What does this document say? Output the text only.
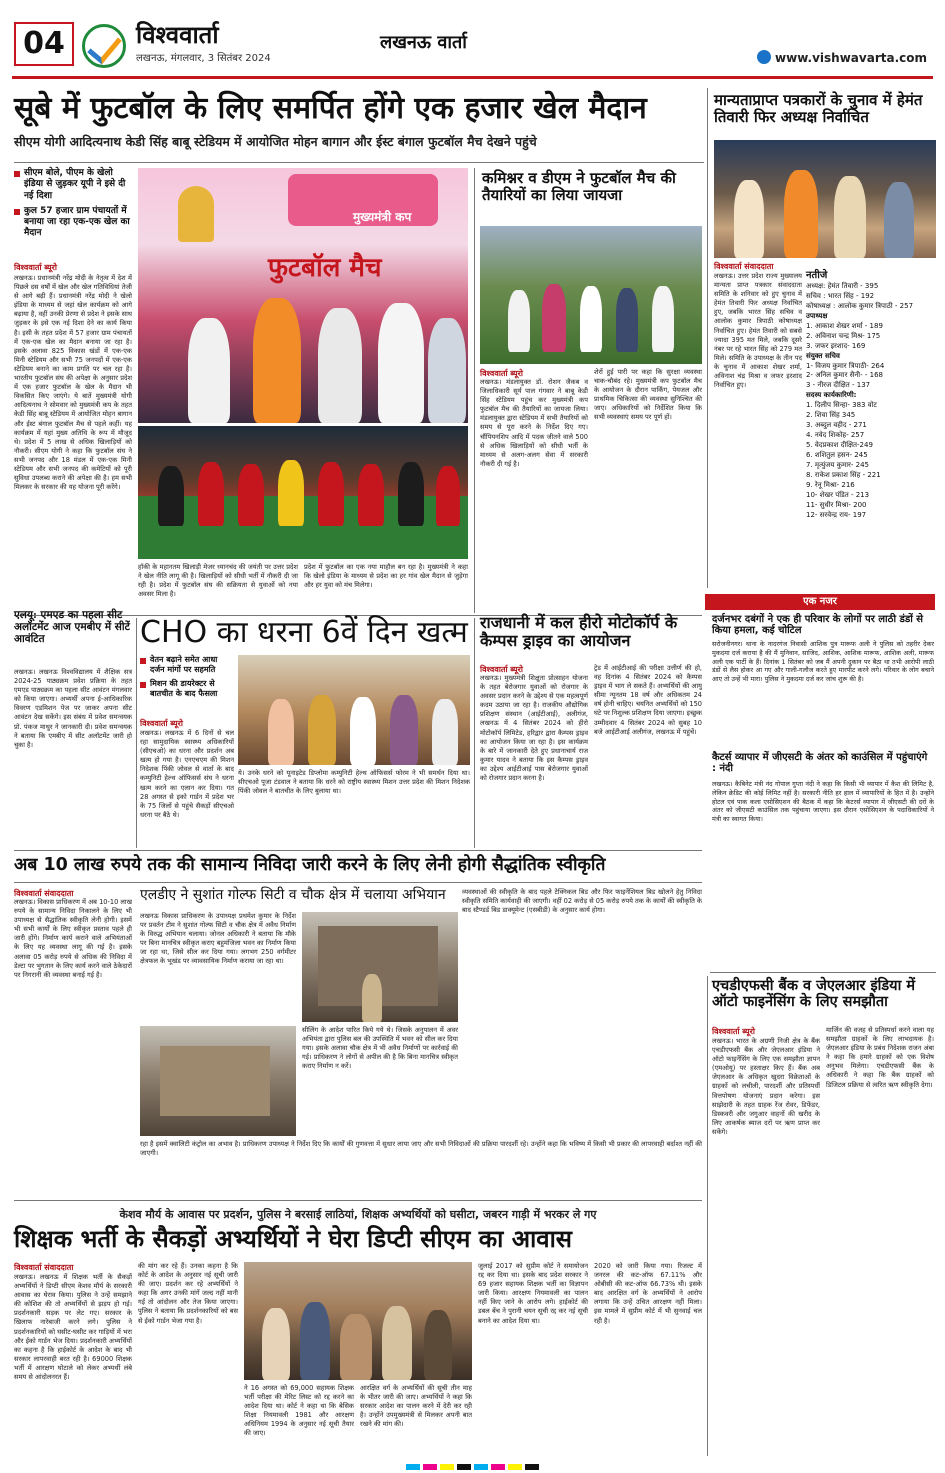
04	विश्ववार्ता
लखनऊ, मंगलवार, 3 सितंबर 2024
लखनऊ वार्ता
www.vishwavarta.com
सूबे में फुटबॉल के लिए समर्पित होंगे एक हजार खेल मैदान
सीएम योगी आदित्यनाथ केडी सिंह बाबू स्टेडियम में आयोजित मोहन बागान और ईस्ट बंगाल फुटबॉल मैच देखने पहुंचे
सीएम बोले, पीएम के खेलो इंडिया से जुड़कर यूपी ने इसे दी नई दिशा
कुल 57 हजार ग्राम पंचायतों में बनाया जा रहा एक-एक खेल का मैदान
विश्ववार्ता ब्यूरो
लखनऊ। प्रधानमंत्री नरेंद्र मोदी के नेतृत्व में देश में पिछले दस वर्षों में खेल और खेल गतिविधियां तेजी से आगे बढ़ी हैं। प्रधानमंत्री नरेंद्र मोदी ने खेलो इंडिया के माध्यम से जहां खेल कार्यक्रम को आगे बढ़ाया है, वहीं उनकी प्रेरणा से प्रदेश ने इसके साथ जुड़कर के इसे एक नई दिशा देने का कार्य किया है। इसी के तहत प्रदेश में 57 हजार ग्राम पंचायतों में एक-एक खेल का मैदान बनाया जा रहा है। इसके अलावा 825 विकास खंडों में एक-एक मिनी स्टेडियम और सभी 75 जनपदों में एक-एक स्टेडियम बनाने का काम प्रगति पर चल रहा है। भारतीय फुटबॉल संघ की अपेक्षा के अनुसार प्रदेश में एक हजार फुटबॉल के खेल के मैदान भी विकसित किए जाएंगे। ये बातें मुख्यमंत्री योगी आदित्यनाथ ने सोमवार को मुख्यमंत्री कप के तहत केडी सिंह बाबू स्टेडियम में आयोजित मोहन बागान और ईस्ट बंगाल फुटबॉल मैच से पहले कहीं। यह कार्यक्रम में यहां मुख्य अतिथि के रूप में मौजूद थे। प्रदेश में 5 लाख से अधिक खिलाड़ियों को नौकरी। सीएम योगी ने कहा कि फुटबॉल संघ ने सभी जनपद और 18 मंडल में एक-एक मिनी स्टेडियम और सभी जनपद की कमेटियों को पूरी सुविधा उपलब्ध कराने की अपेक्षा की है। हम सभी मिलकर के सरकार की यह योजना पूरी करेंगे।
मुख्यमंत्री कप
फुटबॉल मैच
हॉकी के महानतम खिलाड़ी मेजर ध्यानचंद की जयंती पर उत्तर प्रदेश ने खेल नीति लागू की है। खिलाड़ियों को सीधी भर्ती में नौकरी दी जा रही है। प्रदेश में फुटबॉल संघ की सक्रियता से युवाओं को नया अवसर मिला है।
प्रदेश में फुटबॉल का एक नया माहौल बन रहा है। मुख्यमंत्री ने कहा कि खेलो इंडिया के माध्यम से प्रदेश का हर गांव खेल मैदान से जुड़ेगा और हर युवा को मंच मिलेगा।
कमिश्नर व डीएम ने फुटबॉल मैच की तैयारियों का लिया जायजा
विश्ववार्ता ब्यूरो
लखनऊ। मंडलायुक्त डॉ. रोशन जैकब व जिलाधिकारी सूर्य पाल गंगवार ने बाबू केडी सिंह स्टेडियम पहुंच कर मुख्यमंत्री कप फुटबॉल मैच की तैयारियों का जायजा लिया। मंडलायुक्त द्वारा स्टेडियम में सभी तैयारियों को समय से पूरा करने के निर्देश दिए गए। चौंपियनशिप आदि में पदक जीतने वाले 500 से अधिक खिलाड़ियों को सीधी भर्ती के माध्यम से अलग-अलग सेवा में सरकारी नौकरी दी गई है।
शेरों हुई पारी पर कहा कि सुरक्षा व्यवस्था चाक-चौबंद रहे। मुख्यमंत्री कप फुटबॉल मैच के आयोजन के दौरान पार्किंग, पेयजल और प्राथमिक चिकित्सा की व्यवस्था सुनिश्चित की जाए। अधिकारियों को निर्देशित किया कि सभी व्यवस्थाएं समय पर पूर्ण हों।
मान्यताप्राप्त पत्रकारों के चुनाव में हेमंत तिवारी फिर अध्यक्ष निर्वाचित
विश्ववार्ता संवाददाता
लखनऊ। उत्तर प्रदेश राज्य मुख्यालय मान्यता प्राप्त पत्रकार संवाददाता समिति के शनिवार को हुए चुनाव में हेमंत तिवारी फिर अध्यक्ष निर्वाचित हुए, जबकि भारत सिंह सचिव व आलोक कुमार त्रिपाठी कोषाध्यक्ष निर्वाचित हुए। हेमंत तिवारी को सबसे ज्यादा 395 मत मिले, जबकि दूसरे नंबर पर रहे भारत सिंह को 279 मत मिले। समिति के उपाध्यक्ष के तीन पद के चुनाव में आकाश शेखर शर्मा, अविनाश चंद्र मिश्रा व जफर इरशाद निर्वाचित हुए।
नतीजे
अध्यक्ष: हेमंत तिवारी - 395
सचिव : भारत सिंह - 192
कोषाध्यक्ष : आलोक कुमार त्रिपाठी - 257
उपाध्यक्ष
1. आकाश शेखर शर्मा - 189
2. अविनाश चन्द्र मिश्र- 175
3. जफर इरशाद- 169
संयुक्त सचिव
1- विजय कुमार त्रिपाठी- 264
2- अनिल कुमार सैनी- - 168
3 - नीरज दीक्षित - 137
सदस्य कार्यकारिणी:
1. दिलीप सिन्हा- 383 वोट
2. शिवा सिंह 345
3. अब्दुल वहीद - 271
4. नवेद शिकोह- 257
5. वेदप्रकाश दीक्षित-249
6. शशितुल हसन- 245
7. मृत्युंजय कुमार- 245
8. राकेश प्रकाश सिंह - 221
9. रेनू मिश्रा- 216
10- शेखर पंडित - 213
11- सुधीर मिश्रा- 200
12- सरवेन्द्र राय- 197
एलयू: एमएड का पहला सीट अलॉटमेंट आज एमबीए में सीटें आवंटित
लखनऊ। लखनऊ विश्वविद्यालय में शैक्षिक सत्र 2024-25 पाठ्यक्रम प्रवेश प्रक्रिया के तहत एमएड पाठ्यक्रम का पहला सीट आवंटन मंगलवार को किया जाएगा। अभ्यर्थी अपना ई-आधिकारिक विवरण एडमिशन पेज पर जाकर अपना सीट आवंटन देख सकेंगे। इस संबंध में प्रवेश समन्वयक प्रो. पंकज माथुर ने जानकारी दी। प्रवेश समन्वयक ने बताया कि एमबीए में सीट अलॉटमेंट जारी हो चुका है।
CHO का धरना 6वें दिन खत्म
वेतन बढ़ाने समेत आधा दर्जन मांगों पर सहमति
मिशन की डायरेक्टर से बातचीत के बाद फैसला
विश्ववार्ता ब्यूरो
लखनऊ। लखनऊ में 6 दिनों से चल रहा सामुदायिक स्वास्थ्य अधिकारियों (सीएचओ) का धरना और प्रदर्शन अब खत्म हो गया है। एनएचएम की मिशन निदेशक पिंकी जोवल से वार्ता के बाद कम्युनिटी हेल्थ ऑफिसर्स संघ ने धरना खत्म करने का एलान कर दिया। गत 28 अगस्त से इको गार्डन में प्रदेश भर के 75 जिलों से पहुंचे सैकड़ों सीएचओ धरना पर बैठे थे।
ये। उनके धरने को यूनाइटेड डिप्लोमा कम्युनिटी हेल्थ ऑफिसर्स फोरम ने भी समर्थन दिया था। सीएचओ पूजा टंडवाल ने बताया कि धरने को राष्ट्रीय स्वास्थ्य मिशन उत्तर प्रदेश की मिशन निदेशक पिंकी जोवल ने बातचीत के लिए बुलाया था।
राजधानी में कल हीरो मोटोकॉर्प के कैम्पस ड्राइव का आयोजन
विश्ववार्ता ब्यूरो
लखनऊ। मुख्यमंत्री शिक्षुता प्रोत्साहन योजना के तहत बेरोजगार युवाओं को रोजगार के अवसर प्रदान करने के उद्देश्य से एक महत्वपूर्ण कदम उठाया जा रहा है। राजकीय औद्योगिक प्रशिक्षण संस्थान (आईटीआई), अलीगंज, लखनऊ में 4 सितंबर 2024 को हीरो मोटोकॉर्प लिमिटेड, हरिद्वार द्वारा कैम्पस ड्राइव का आयोजन किया जा रहा है। इस कार्यक्रम के बारे में जानकारी देते हुए प्रधानाचार्य राज कुमार यादव ने बताया कि इस कैम्पस ड्राइव का उद्देश्य आईटीआई पास बेरोजगार युवाओं को रोजगार प्रदान करना है।
ट्रेड में आईटीआई की परीक्षा उत्तीर्ण की हो, वह दिनांक 4 सितंबर 2024 को कैम्पस ड्राइव में भाग ले सकते हैं। अभ्यर्थियों की आयु सीमा न्यूनतम 18 वर्ष और अधिकतम 24 वर्ष होनी चाहिए। चयनित अभ्यर्थियों को 150 घंटे पर निशुल्क प्रशिक्षण दिया जाएगा। इच्छुक उम्मीदवार 4 सितंबर 2024 को सुबह 10 बजे आईटीआई अलीगंज, लखनऊ में पहुंचें।
एक नजर
दर्जनभर दबंगों ने एक ही परिवार के लोगों पर लाठी डंडों से किया हमला, कई चोटिल
सरोजनीनगर। थाना के नादरगंज निवासी आशिक पुत्र मारूफ अली ने पुलिस को तहरीर देकर मुकदमा दर्ज कराया है की मैं मुनिवान, साजिद, आशिक, आशिक मारूफ, आशिक अली, मारूफ अली एक पार्टी के हैं। दिनांक 1 सितंबर को जब मैं अपनी दुकान पर बैठा था तभी आरोपी लाठी डंडों से लैस होकर आ गए और गाली-गलौज करते हुए मारपीट करने लगे। परिवार के लोग बचाने आए तो उन्हें भी मारा। पुलिस ने मुकदमा दर्ज कर जांच शुरू की है।
कैटर्स व्यापार में जीएसटी के अंतर को काउंसिल में पहुंचाएंगे : नंदी
लखनऊ। कैबिनेट मंत्री नंद गोपाल गुप्ता नंदी ने कहा कि किसी भी व्यापार में कैश की लिमिट है, लेकिन क्रेडिट की कोई लिमिट नहीं है। सरकारी नीति हर हाल में व्यापारियों के हित में है। उन्होंने होटल एवं पाक कला एसोसिएशन की बैठक में कहा कि केटरर्स व्यापार में जीएसटी की दरों के अंतर को जीएसटी काउंसिल तक पहुंचाया जाएगा। इस दौरान एसोसिएशन के पदाधिकारियों ने मंत्री का स्वागत किया।
एचडीएफसी बैंक व जेएलआर इंडिया में ऑटो फाइनेंसिंग के लिए समझौता
विश्ववार्ता ब्यूरो
लखनऊ। भारत के अग्रणी निजी क्षेत्र के बैंक एचडीएफसी बैंक और जेएलआर इंडिया ने ऑटो फाइनेंसिंग के लिए एक समझौता ज्ञापन (एमओयू) पर हस्ताक्षर किए हैं। बैंक अब जेएलआर के अधिकृत खुदरा विक्रेताओं के ग्राहकों को लचीली, पारदर्शी और प्रतिस्पर्धी वित्तपोषण योजनाएं प्रदान करेगा। इस साझेदारी के तहत ग्राहक रेंज रोवर, डिफेंडर, डिस्कवरी और जगुआर वाहनों की खरीद के लिए आकर्षक ब्याज दरों पर ऋण प्राप्त कर सकेंगे।
मार्जिन की वजह से प्रतिस्पर्धा करने वाला यह समझौता ग्राहकों के लिए लाभदायक है। जेएलआर इंडिया के प्रबंध निदेशक राजन अंबा ने कहा कि हमारे ग्राहकों को एक विशेष अनुभव मिलेगा। एचडीएफसी बैंक के अधिकारी ने कहा कि बैंक ग्राहकों को डिजिटल प्रक्रिया से त्वरित ऋण स्वीकृति देगा।
अब 10 लाख रुपये तक की सामान्य निविदा जारी करने के लिए लेनी होगी सैद्धांतिक स्वीकृति
विश्ववार्ता संवाददाता
लखनऊ। विकास प्राधिकरण में अब 10-10 लाख रुपये के सामान्य निविदा निकालने के लिए भी उपाध्यक्ष से सैद्धांतिक स्वीकृति लेनी होगी। इसमें भी सभी कार्यों के लिए स्वीकृत प्रस्ताव पहले ही जारी होंगे। निर्माण कार्य कराने वाले अभियंताओं के लिए यह व्यवस्था लागू की गई है। इसके अलावा 05 करोड़ रुपये से अधिक की निविदा में डेल्टा पर भुगतान के लिए कार्य करने वाले ठेकेदारों पर निगरानी की व्यवस्था बनाई गई है।
एलडीए ने सुशांत गोल्फ सिटी व चौक क्षेत्र में चलाया अभियान
लखनऊ विकास प्राधिकरण के उपाध्यक्ष प्रथमेश कुमार के निर्देश पर प्रवर्तन टीम ने सुशांत गोल्फ सिटी व चौक क्षेत्र में अवैध निर्माण के विरुद्ध अभियान चलाया। जोनल अधिकारी ने बताया कि मौके पर बिना मानचित्र स्वीकृत कराए बहुमंजिला भवन का निर्माण किया जा रहा था, जिसे सील कर दिया गया। लगभग 250 वर्गमीटर क्षेत्रफल के भूखंड पर व्यावसायिक निर्माण कराया जा रहा था।
सीलिंग के आदेश पारित किये गये थे। जिसके अनुपालन में अवर अभियंता द्वारा पुलिस बल की उपस्थिति में भवन को सील कर दिया गया। इसके अलावा चौक क्षेत्र में भी अवैध निर्माणों पर कार्रवाई की गई। प्राधिकरण ने लोगों से अपील की है कि बिना मानचित्र स्वीकृत कराए निर्माण न करें।
व्यवस्थाओं की स्वीकृति के बाद पहले टेक्निकल बिड और फिर फाइनेंशियल बिड खोलने हेतु निविदा स्वीकृति समिति कार्यवाही की जाएगी। वहीं 02 करोड़ से 05 करोड़ रुपये तक के कार्यों की स्वीकृति के बाद स्टैण्डर्ड बिड डाक्यूमेन्ट (एसबीडी) के अनुसार कार्य होगा।
रहा है इसमें क्वालिटी कंट्रोल का अभाव है। प्राधिकरण उपाध्यक्ष ने निर्देश दिए कि कार्यों की गुणवत्ता में सुधार लाया जाए और सभी निविदाओं की प्रक्रिया पारदर्शी रहे। उन्होंने कहा कि भविष्य में किसी भी प्रकार की लापरवाही बर्दाश्त नहीं की जाएगी।
केशव मौर्य के आवास पर प्रदर्शन, पुलिस ने बरसाई लाठियां, शिक्षक अभ्यर्थियों को घसीटा, जबरन गाड़ी में भरकर ले गए
शिक्षक भर्ती के सैकड़ों अभ्यर्थियों ने घेरा डिप्टी सीएम का आवास
विश्ववार्ता संवाददाता
लखनऊ। लखनऊ में शिक्षक भर्ती के सैकड़ों अभ्यर्थियों ने डिप्टी सीएम केशव मौर्य के सरकारी आवास का घेराव किया। पुलिस ने उन्हें समझाने की कोशिश की तो अभ्यर्थियों से झड़प हो गई। प्रदर्शनकारी सड़क पर लेट गए। सरकार के खिलाफ नारेबाजी करने लगे। पुलिस ने प्रदर्शनकारियों को घसीट-घसीट कर गाड़ियों में भरा और ईको गार्डन भेज दिया। प्रदर्शनकारी अभ्यर्थियों का कहना है कि हाईकोर्ट के आदेश के बाद भी सरकार लापरवाही बरत रही है। 69000 शिक्षक भर्ती में आरक्षण घोटाले को लेकर अभ्यर्थी लंबे समय से आंदोलनरत हैं।
की मांग कर रहे हैं। उनका कहना है कि कोर्ट के आदेश के अनुसार नई सूची जारी की जाए। प्रदर्शन कर रहे अभ्यर्थियों ने कहा कि अगर उनकी मांगें जल्द नहीं मानी गईं तो आंदोलन और तेज किया जाएगा। पुलिस ने बताया कि प्रदर्शनकारियों को बस से ईको गार्डन भेजा गया है।
ने 16 अगस्त को 69,000 सहायक शिक्षक भर्ती परीक्षा की मेरिट लिस्ट को रद्द करने का आदेश दिया था। कोर्ट ने कहा था कि बेसिक शिक्षा नियमावली 1981 और आरक्षण अधिनियम 1994 के अनुसार नई सूची तैयार की जाए।
आरक्षित वर्ग के अभ्यर्थियों की सूची तीन माह के भीतर जारी की जाए। अभ्यर्थियों ने कहा कि सरकार आदेश का पालन करने में देरी कर रही है। उन्होंने उपमुख्यमंत्री से मिलकर अपनी बात रखने की मांग की।
जुलाई 2017 को सुप्रीम कोर्ट ने समायोजन रद्द कर दिया था। इसके बाद प्रदेश सरकार ने 69 हजार सहायक शिक्षक भर्ती का विज्ञापन जारी किया। आरक्षण नियमावली का पालन नहीं किए जाने के आरोप लगे। हाईकोर्ट की डबल बेंच ने पुरानी चयन सूची रद्द कर नई सूची बनाने का आदेश दिया था।
2020 को जारी किया गया। रिजल्ट में जनरल की कट-ऑफ 67.11% और ओबीसी की कट-ऑफ 66.73% थी। इसके बाद आरक्षित वर्ग के अभ्यर्थियों ने आरोप लगाया कि उन्हें उचित आरक्षण नहीं मिला। इस मामले में सुप्रीम कोर्ट में भी सुनवाई चल रही है।
